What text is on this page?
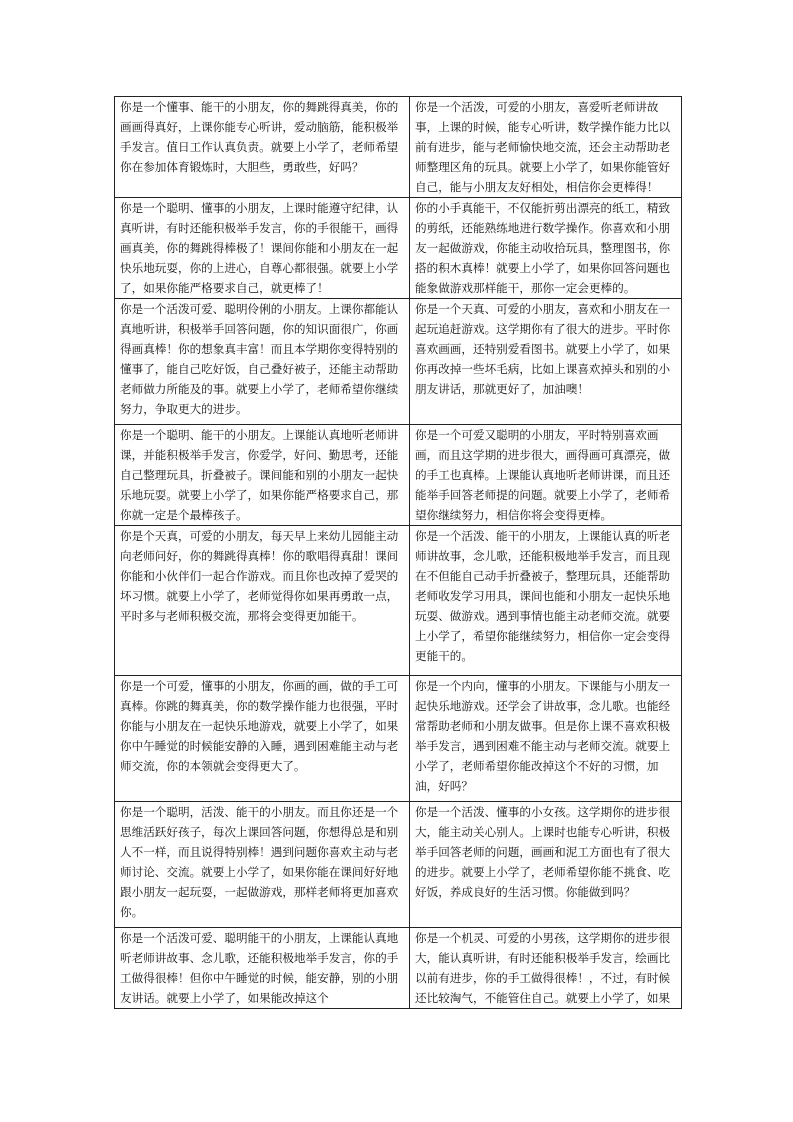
你是一个懂事、能干的小朋友，你的舞跳得真美，你的画画得真好，上课你能专心听讲，爱动脑筋，能积极举手发言。值日工作认真负责。就要上小学了，老师希望你在参加体育锻炼时，大胆些，勇敢些，好吗？	你是一个活泼，可爱的小朋友，喜爱听老师讲故事，上课的时候，能专心听讲，数学操作能力比以前有进步，能与老师愉快地交流，还会主动帮助老师整理区角的玩具。就要上小学了，如果你能管好自己，能与小朋友友好相处，相信你会更棒得！
你是一个聪明、懂事的小朋友，上课时能遵守纪律，认真听讲，有时还能积极举手发言，你的手很能干，画得画真美，你的舞跳得棒极了！课间你能和小朋友在一起快乐地玩耍，你的上进心，自尊心都很强。就要上小学了，如果你能严格要求自己，就更棒了！	你的小手真能干，不仅能折剪出漂亮的纸工，精致的剪纸，还能熟练地进行数学操作。你喜欢和小朋友一起做游戏，你能主动收拾玩具，整理图书，你搭的积木真棒！就要上小学了，如果你回答问题也能象做游戏那样能干，那你一定会更棒的。
你是一个活泼可爱、聪明伶俐的小朋友。上课你都能认真地听讲，积极举手回答问题，你的知识面很广，你画得画真棒！你的想象真丰富！而且本学期你变得特别的懂事了，能自己吃好饭，自己叠好被子，还能主动帮助老师做力所能及的事。就要上小学了，老师希望你继续努力，争取更大的进步。	你是一个天真、可爱的小朋友，喜欢和小朋友在一起玩追赶游戏。这学期你有了很大的进步。平时你喜欢画画，还特别爱看图书。就要上小学了，如果你再改掉一些坏毛病，比如上课喜欢掉头和别的小朋友讲话，那就更好了，加油噢！
你是一个聪明、能干的小朋友。上课能认真地听老师讲课，并能积极举手发言，你爱学，好问、勤思考，还能自己整理玩具，折叠被子。课间能和别的小朋友一起快乐地玩耍。就要上小学了，如果你能严格要求自己，那你就一定是个最棒孩子。	你是一个可爱又聪明的小朋友，平时特别喜欢画画，而且这学期的进步很大，画得画可真漂亮，做的手工也真棒。上课能认真地听老师讲课，而且还能举手回答老师提的问题。就要上小学了，老师希望你继续努力，相信你将会变得更棒。
你是个天真，可爱的小朋友，每天早上来幼儿园能主动向老师问好，你的舞跳得真棒！你的歌唱得真甜！课间你能和小伙伴们一起合作游戏。而且你也改掉了爱哭的坏习惯。就要上小学了，老师觉得你如果再勇敢一点，平时多与老师积极交流，那将会变得更加能干。	你是一个活泼、能干的小朋友，上课能认真的听老师讲故事，念儿歌，还能积极地举手发言，而且现在不但能自己动手折叠被子，整理玩具，还能帮助老师收发学习用具，课间也能和小朋友一起快乐地玩耍、做游戏。遇到事情也能主动老师交流。就要上小学了，希望你能继续努力，相信你一定会变得更能干的。
你是一个可爱，懂事的小朋友，你画的画，做的手工可真棒。你跳的舞真美，你的数学操作能力也很强，平时你能与小朋友在一起快乐地游戏，就要上小学了，如果你中午睡觉的时候能安静的入睡，遇到困难能主动与老师交流，你的本领就会变得更大了。	你是一个内向，懂事的小朋友。下课能与小朋友一起快乐地游戏。还学会了讲故事，念儿歌。也能经常帮助老师和小朋友做事。但是你上课不喜欢积极举手发言，遇到困难不能主动与老师交流。就要上小学了，老师希望你能改掉这个不好的习惯，加油，好吗？
你是一个聪明，活泼、能干的小朋友。而且你还是一个思维活跃好孩子，每次上课回答问题，你想得总是和别人不一样，而且说得特别棒！遇到问题你喜欢主动与老师讨论、交流。就要上小学了，如果你能在课间好好地跟小朋友一起玩耍，一起做游戏，那样老师将更加喜欢你。	你是一个活泼、懂事的小女孩。这学期你的进步很大，能主动关心别人。上课时也能专心听讲，积极举手回答老师的问题，画画和泥工方面也有了很大的进步。就要上小学了，老师希望你能不挑食、吃好饭，养成良好的生活习惯。你能做到吗？
你是一个活泼可爱、聪明能干的小朋友，上课能认真地听老师讲故事、念儿歌，还能积极地举手发言，你的手工做得很棒！但你中午睡觉的时候，能安静，别的小朋友讲话。就要上小学了，如果能改掉这个	你是一个机灵、可爱的小男孩，这学期你的进步很大，能认真听讲，有时还能积极举手发言，绘画比以前有进步，你的手工做得很棒！，不过，有时候还比较淘气，不能管住自己。就要上小学了，如果
